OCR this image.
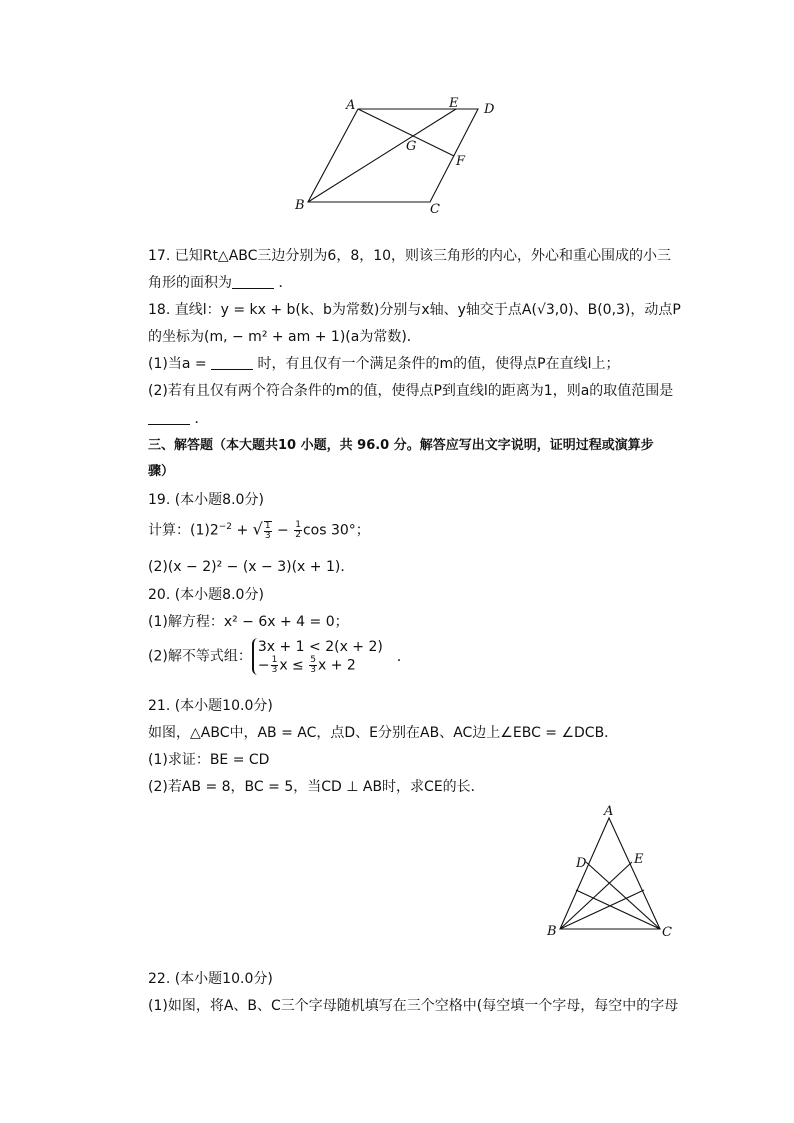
A	E D
G
F
B	C
17. 已知Rt△ABC三边分别为6，8，10，则该三角形的内心，外心和重心围成的小三
角形的面积为	．
18. 直线l：y = kx + b(k、b为常数)分别与x轴、y轴交于点A(√3,0)、B(0,3)，动点P
的坐标为(m, − m² + am + 1)(a为常数)．
(1)当a =	时，有且仅有一个满足条件的m的值，使得点P在直线l上；
(2)若有且仅有两个符合条件的m的值，使得点P到直线l的距离为1，则a的取值范围是
．
三、解答题（本大题共10 小题，共 96.0 分。解答应写出文字说明，证明过程或演算步
骤）
19. (本小题8.0分)
计算：$(1)2^{-2}$ + √ $\frac{1}{3} - \frac{1}{2}$ cos 30°；
(2)(x − 2)² − (x − 3)(x + 1)．
20. (本小题8.0分)
(1)解方程：x² − 6x + 4 = 0；
(2)解不等式组：
3x + 1 < 2(x + 2)
− $\frac{1}{3}$ $x \le \frac{5}{3}$ x + 2
．
21. (本小题10.0分)
如图，△ABC中，AB = AC，点D、E分别在AB、AC边上∠EBC = ∠DCB．
(1)求证：BE = CD
(2)若AB = 8，BC = 5，当CD ⊥ AB时，求CE的长．
A
D	E
B	C
22. (本小题10.0分)
(1)如图，将A、B、C三个字母随机填写在三个空格中(每空填一个字母，每空中的字母
